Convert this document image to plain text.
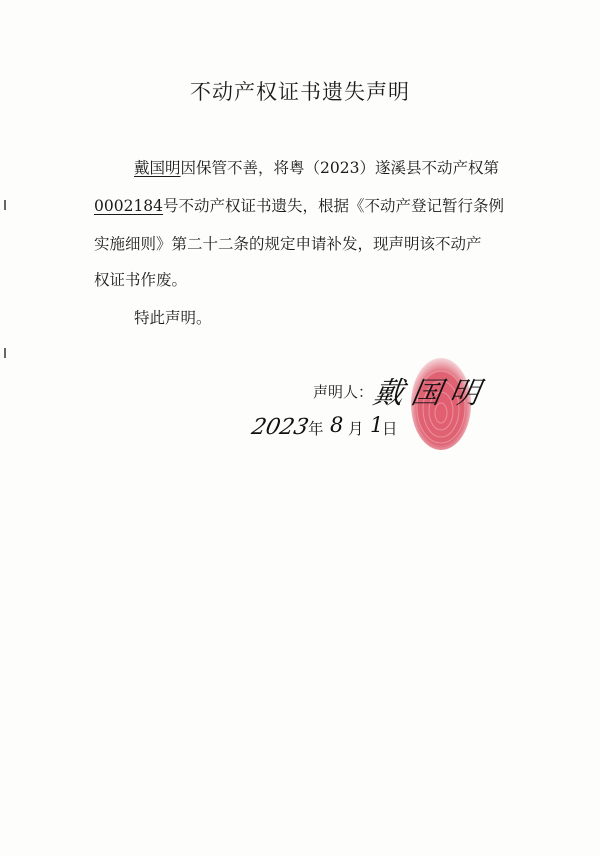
不动产权证书遗失声明
戴国明因保管不善，将粤（2023）遂溪县不动产权第
0002184号不动产权证书遗失，根据《不动产登记暂行条例
实施细则》第二十二条的规定申请补发，现声明该不动产
权证书作废。
特此声明。
声明人：
戴国明
2023
年 8 月 1
日
